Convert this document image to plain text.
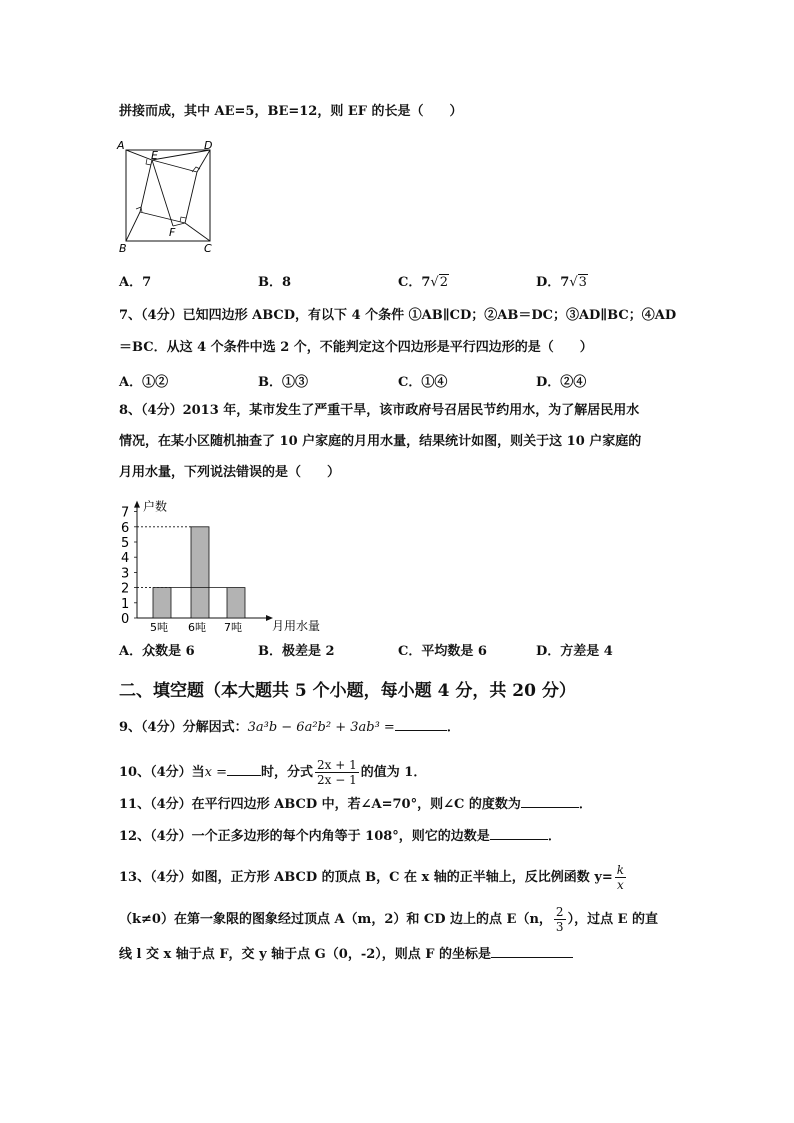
拼接而成，其中 AE=5，BE=12，则 EF 的长是（　　）
A	D
E
B
F
C
A．7	B．8	C．7√2	D．7√3
7、（4分）已知四边形 ABCD，有以下 4 个条件 ①AB∥CD；②AB＝DC；③AD∥BC；④AD
＝BC．从这 4 个条件中选 2 个，不能判定这个四边形是平行四边形的是（　　）
A．①②	B．①③	C．①④	D．②④
8、（4分）2013 年，某市发生了严重干旱，该市政府号召居民节约用水，为了解居民用水
情况，在某小区随机抽查了 10 户家庭的月用水量，结果统计如图，则关于这 10 户家庭的
月用水量，下列说法错误的是（　　）
户数
月用水量
0
1
2
3
4
5
6
7
5吨 6吨 7吨
A．众数是 6	B．极差是 2	C．平均数是 6	D．方差是 4
二、填空题（本大题共 5 个小题，每小题 4 分，共 20 分）
9、（4分）分解因式：3a³b − 6a²b² + 3ab³ =	．
10、（4分）当x =	时，分式 $\frac{2x + 1}{2x - 1}$ 的值为 1．
11、（4分）在平行四边形 ABCD 中，若∠A=70°，则∠C 的度数为	．
12、（4分）一个正多边形的每个内角等于 108°，则它的边数是	．
13、（4分）如图，正方形 ABCD 的顶点 B，C 在 x 轴的正半轴上，反比例函数 $y= \frac{k}{x}$
（k≠0）在第一象限的图象经过顶点 A（m，2）和 CD 边上的点 E（n， $\frac{2}{3}$ ），过点 E 的直
线 l 交 x 轴于点 F，交 y 轴于点 G（0，-2），则点 F 的坐标是
